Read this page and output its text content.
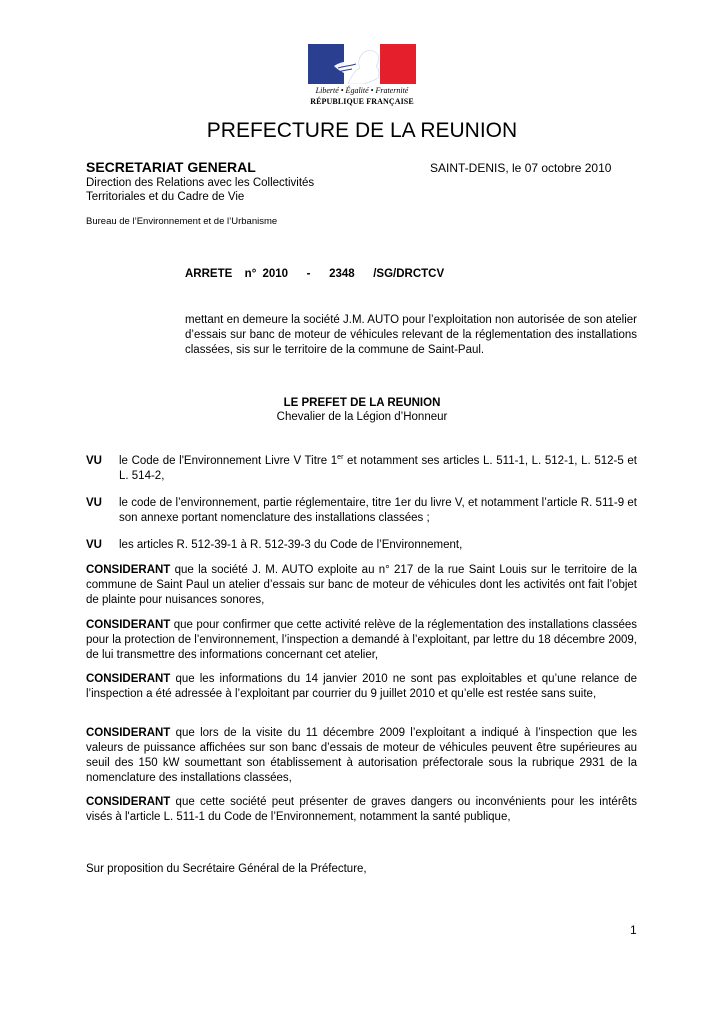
Liberté • Égalité • Fraternité
RÉPUBLIQUE FRANÇAISE
PREFECTURE DE LA REUNION
SECRETARIAT GENERAL	SAINT-DENIS, le 07 octobre 2010
Direction des Relations avec les Collectivités
Territoriales et du Cadre de Vie
Bureau de l’Environnement et de l’Urbanisme
ARRETE  n° 2010   -   2348   /SG/DRCTCV
mettant en demeure la société J.M. AUTO pour l’exploitation non autorisée de son atelier d’essais sur banc de moteur de véhicules relevant de la réglementation des installations classées, sis sur le territoire de la commune de Saint-Paul.
LE PREFET DE LA REUNION
Chevalier de la Légion d’Honneur
VU le Code de l'Environnement Livre V Titre 1er et notamment ses articles L. 511-1, L. 512-1, L. 512-5 et L. 514-2,
VU le code de l’environnement, partie réglementaire, titre 1er du livre V, et notamment l’article R. 511-9 et son annexe portant nomenclature des installations classées ;
VU les articles R. 512-39-1 à R. 512-39-3 du Code de l’Environnement,
CONSIDERANT que la société J. M. AUTO exploite au n° 217 de la rue Saint Louis sur le territoire de la commune de Saint Paul un atelier d’essais sur banc de moteur de véhicules dont les activités ont fait l’objet de plainte pour nuisances sonores,
CONSIDERANT que pour confirmer que cette activité relève de la réglementation des installations classées pour la protection de l’environnement, l’inspection a demandé à l’exploitant, par lettre du 18 décembre 2009, de lui transmettre des informations concernant cet atelier,
CONSIDERANT que les informations du 14 janvier 2010 ne sont pas exploitables et qu’une relance de l’inspection a été adressée à l’exploitant par courrier du 9 juillet 2010 et qu’elle est restée sans suite,
CONSIDERANT que lors de la visite du 11 décembre 2009 l’exploitant a indiqué à l’inspection que les valeurs de puissance affichées sur son banc d’essais de moteur de véhicules peuvent être supérieures au seuil des 150 kW soumettant son établissement à autorisation préfectorale sous la rubrique 2931 de la nomenclature des installations classées,
CONSIDERANT que cette société peut présenter de graves dangers ou inconvénients pour les intérêts visés à l'article L. 511-1 du Code de l’Environnement, notamment la santé publique,
Sur proposition du Secrétaire Général de la Préfecture,
1
